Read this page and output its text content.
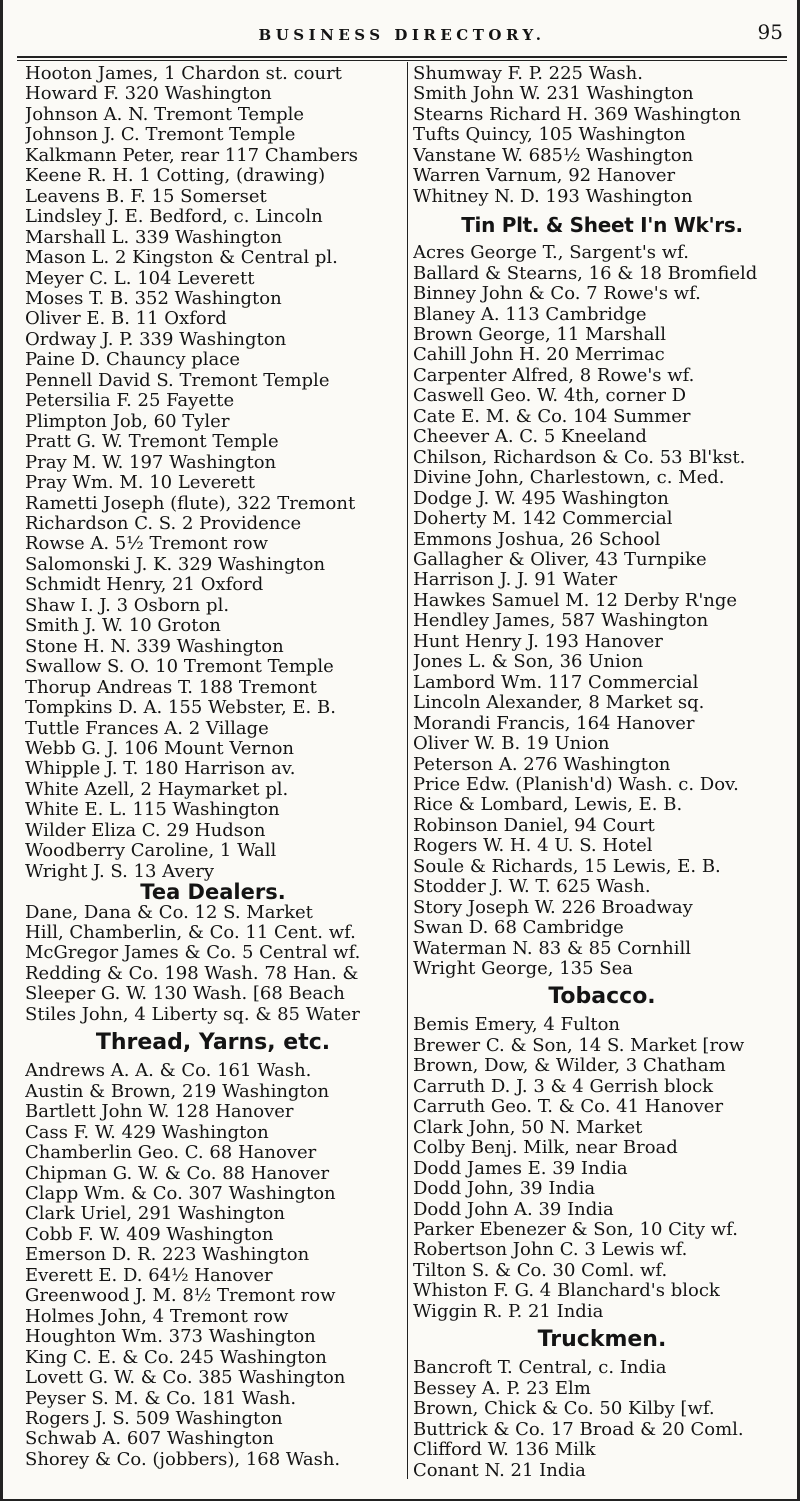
BUSINESS DIRECTORY.	95
Hooton James, 1 Chardon st. court
Howard F. 320 Washington
Johnson A. N. Tremont Temple
Johnson J. C. Tremont Temple
Kalkmann Peter, rear 117 Chambers
Keene R. H. 1 Cotting, (drawing)
Leavens B. F. 15 Somerset
Lindsley J. E. Bedford, c. Lincoln
Marshall L. 339 Washington
Mason L. 2 Kingston & Central pl.
Meyer C. L. 104 Leverett
Moses T. B. 352 Washington
Oliver E. B. 11 Oxford
Ordway J. P. 339 Washington
Paine D. Chauncy place
Pennell David S. Tremont Temple
Petersilia F. 25 Fayette
Plimpton Job, 60 Tyler
Pratt G. W. Tremont Temple
Pray M. W. 197 Washington
Pray Wm. M. 10 Leverett
Rametti Joseph (flute), 322 Tremont
Richardson C. S. 2 Providence
Rowse A. 5½ Tremont row
Salomonski J. K. 329 Washington
Schmidt Henry, 21 Oxford
Shaw I. J. 3 Osborn pl.
Smith J. W. 10 Groton
Stone H. N. 339 Washington
Swallow S. O. 10 Tremont Temple
Thorup Andreas T. 188 Tremont
Tompkins D. A. 155 Webster, E. B.
Tuttle Frances A. 2 Village
Webb G. J. 106 Mount Vernon
Whipple J. T. 180 Harrison av.
White Azell, 2 Haymarket pl.
White E. L. 115 Washington
Wilder Eliza C. 29 Hudson
Woodberry Caroline, 1 Wall
Wright J. S. 13 Avery
Tea Dealers.
Dane, Dana & Co. 12 S. Market
Hill, Chamberlin, & Co. 11 Cent. wf.
McGregor James & Co. 5 Central wf.
Redding & Co. 198 Wash. 78 Han. &
Sleeper G. W. 130 Wash. [68 Beach
Stiles John, 4 Liberty sq. & 85 Water
Thread, Yarns, etc.
Andrews A. A. & Co. 161 Wash.
Austin & Brown, 219 Washington
Bartlett John W. 128 Hanover
Cass F. W. 429 Washington
Chamberlin Geo. C. 68 Hanover
Chipman G. W. & Co. 88 Hanover
Clapp Wm. & Co. 307 Washington
Clark Uriel, 291 Washington
Cobb F. W. 409 Washington
Emerson D. R. 223 Washington
Everett E. D. 64½ Hanover
Greenwood J. M. 8½ Tremont row
Holmes John, 4 Tremont row
Houghton Wm. 373 Washington
King C. E. & Co. 245 Washington
Lovett G. W. & Co. 385 Washington
Peyser S. M. & Co. 181 Wash.
Rogers J. S. 509 Washington
Schwab A. 607 Washington
Shorey & Co. (jobbers), 168 Wash.
Shumway F. P. 225 Wash.
Smith John W. 231 Washington
Stearns Richard H. 369 Washington
Tufts Quincy, 105 Washington
Vanstane W. 685½ Washington
Warren Varnum, 92 Hanover
Whitney N. D. 193 Washington
Tin Plt. & Sheet I'n Wk'rs.
Acres George T., Sargent's wf.
Ballard & Stearns, 16 & 18 Bromfield
Binney John & Co. 7 Rowe's wf.
Blaney A. 113 Cambridge
Brown George, 11 Marshall
Cahill John H. 20 Merrimac
Carpenter Alfred, 8 Rowe's wf.
Caswell Geo. W. 4th, corner D
Cate E. M. & Co. 104 Summer
Cheever A. C. 5 Kneeland
Chilson, Richardson & Co. 53 Bl'kst.
Divine John, Charlestown, c. Med.
Dodge J. W. 495 Washington
Doherty M. 142 Commercial
Emmons Joshua, 26 School
Gallagher & Oliver, 43 Turnpike
Harrison J. J. 91 Water
Hawkes Samuel M. 12 Derby R'nge
Hendley James, 587 Washington
Hunt Henry J. 193 Hanover
Jones L. & Son, 36 Union
Lambord Wm. 117 Commercial
Lincoln Alexander, 8 Market sq.
Morandi Francis, 164 Hanover
Oliver W. B. 19 Union
Peterson A. 276 Washington
Price Edw. (Planish'd) Wash. c. Dov.
Rice & Lombard, Lewis, E. B.
Robinson Daniel, 94 Court
Rogers W. H. 4 U. S. Hotel
Soule & Richards, 15 Lewis, E. B.
Stodder J. W. T. 625 Wash.
Story Joseph W. 226 Broadway
Swan D. 68 Cambridge
Waterman N. 83 & 85 Cornhill
Wright George, 135 Sea
Tobacco.
Bemis Emery, 4 Fulton
Brewer C. & Son, 14 S. Market [row
Brown, Dow, & Wilder, 3 Chatham
Carruth D. J. 3 & 4 Gerrish block
Carruth Geo. T. & Co. 41 Hanover
Clark John, 50 N. Market
Colby Benj. Milk, near Broad
Dodd James E. 39 India
Dodd John, 39 India
Dodd John A. 39 India
Parker Ebenezer & Son, 10 City wf.
Robertson John C. 3 Lewis wf.
Tilton S. & Co. 30 Coml. wf.
Whiston F. G. 4 Blanchard's block
Wiggin R. P. 21 India
Truckmen.
Bancroft T. Central, c. India
Bessey A. P. 23 Elm
Brown, Chick & Co. 50 Kilby [wf.
Buttrick & Co. 17 Broad & 20 Coml.
Clifford W. 136 Milk
Conant N. 21 India
